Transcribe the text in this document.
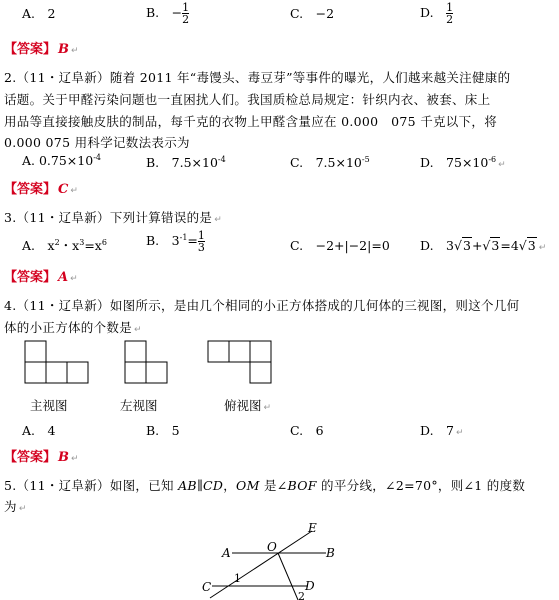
A.　2	B.　− $\frac{1}{2}$	C.　−2	D.　 $\frac{1}{2}$
【答案】 B ↵
2.（11・辽阜新）随着 2011 年“毒馒头、毒豆芽”等事件的曝光，人们越来越关注健康的
话题。关于甲醛污染问题也一直困扰人们。我国质检总局规定：针织内衣、被套、床上
用品等直接接触皮肤的制品，每千克的衣物上甲醛含量应在 0.000　075 千克以下，将
0.000 075 用科学记数法表示为
A. $0.75\times 10^{-4}$	B.　$7.5\times 10^{-4}$	C.　$7.5\times 10^{-5}$	D.　$75\times 10^{-6}↵$
【答案】 C ↵
3.（11・辽阜新）下列计算错误的是 ↵
A.　$x^2$・$x^3=x^6$	B.　$3^{-1}= \frac{1}{3}$	C.　−2+|−2|=0 D.　3√3+√3=4√3 ↵
【答案】 A ↵
4.（11・辽阜新）如图所示，是由几个相同的小正方体搭成的几何体的三视图，则这个几何
体的小正方体的个数是 ↵
主视图	左视图	俯视图 ↵
A.　4	B.　5	C.　6	D.　7 ↵
【答案】 B ↵
5.（11・辽阜新）如图，已知 AB∥CD，OM 是∠BOF 的平分线，∠2=70°，则∠1 的度数
为 ↵
A	B
C	D
E
O
1
2
